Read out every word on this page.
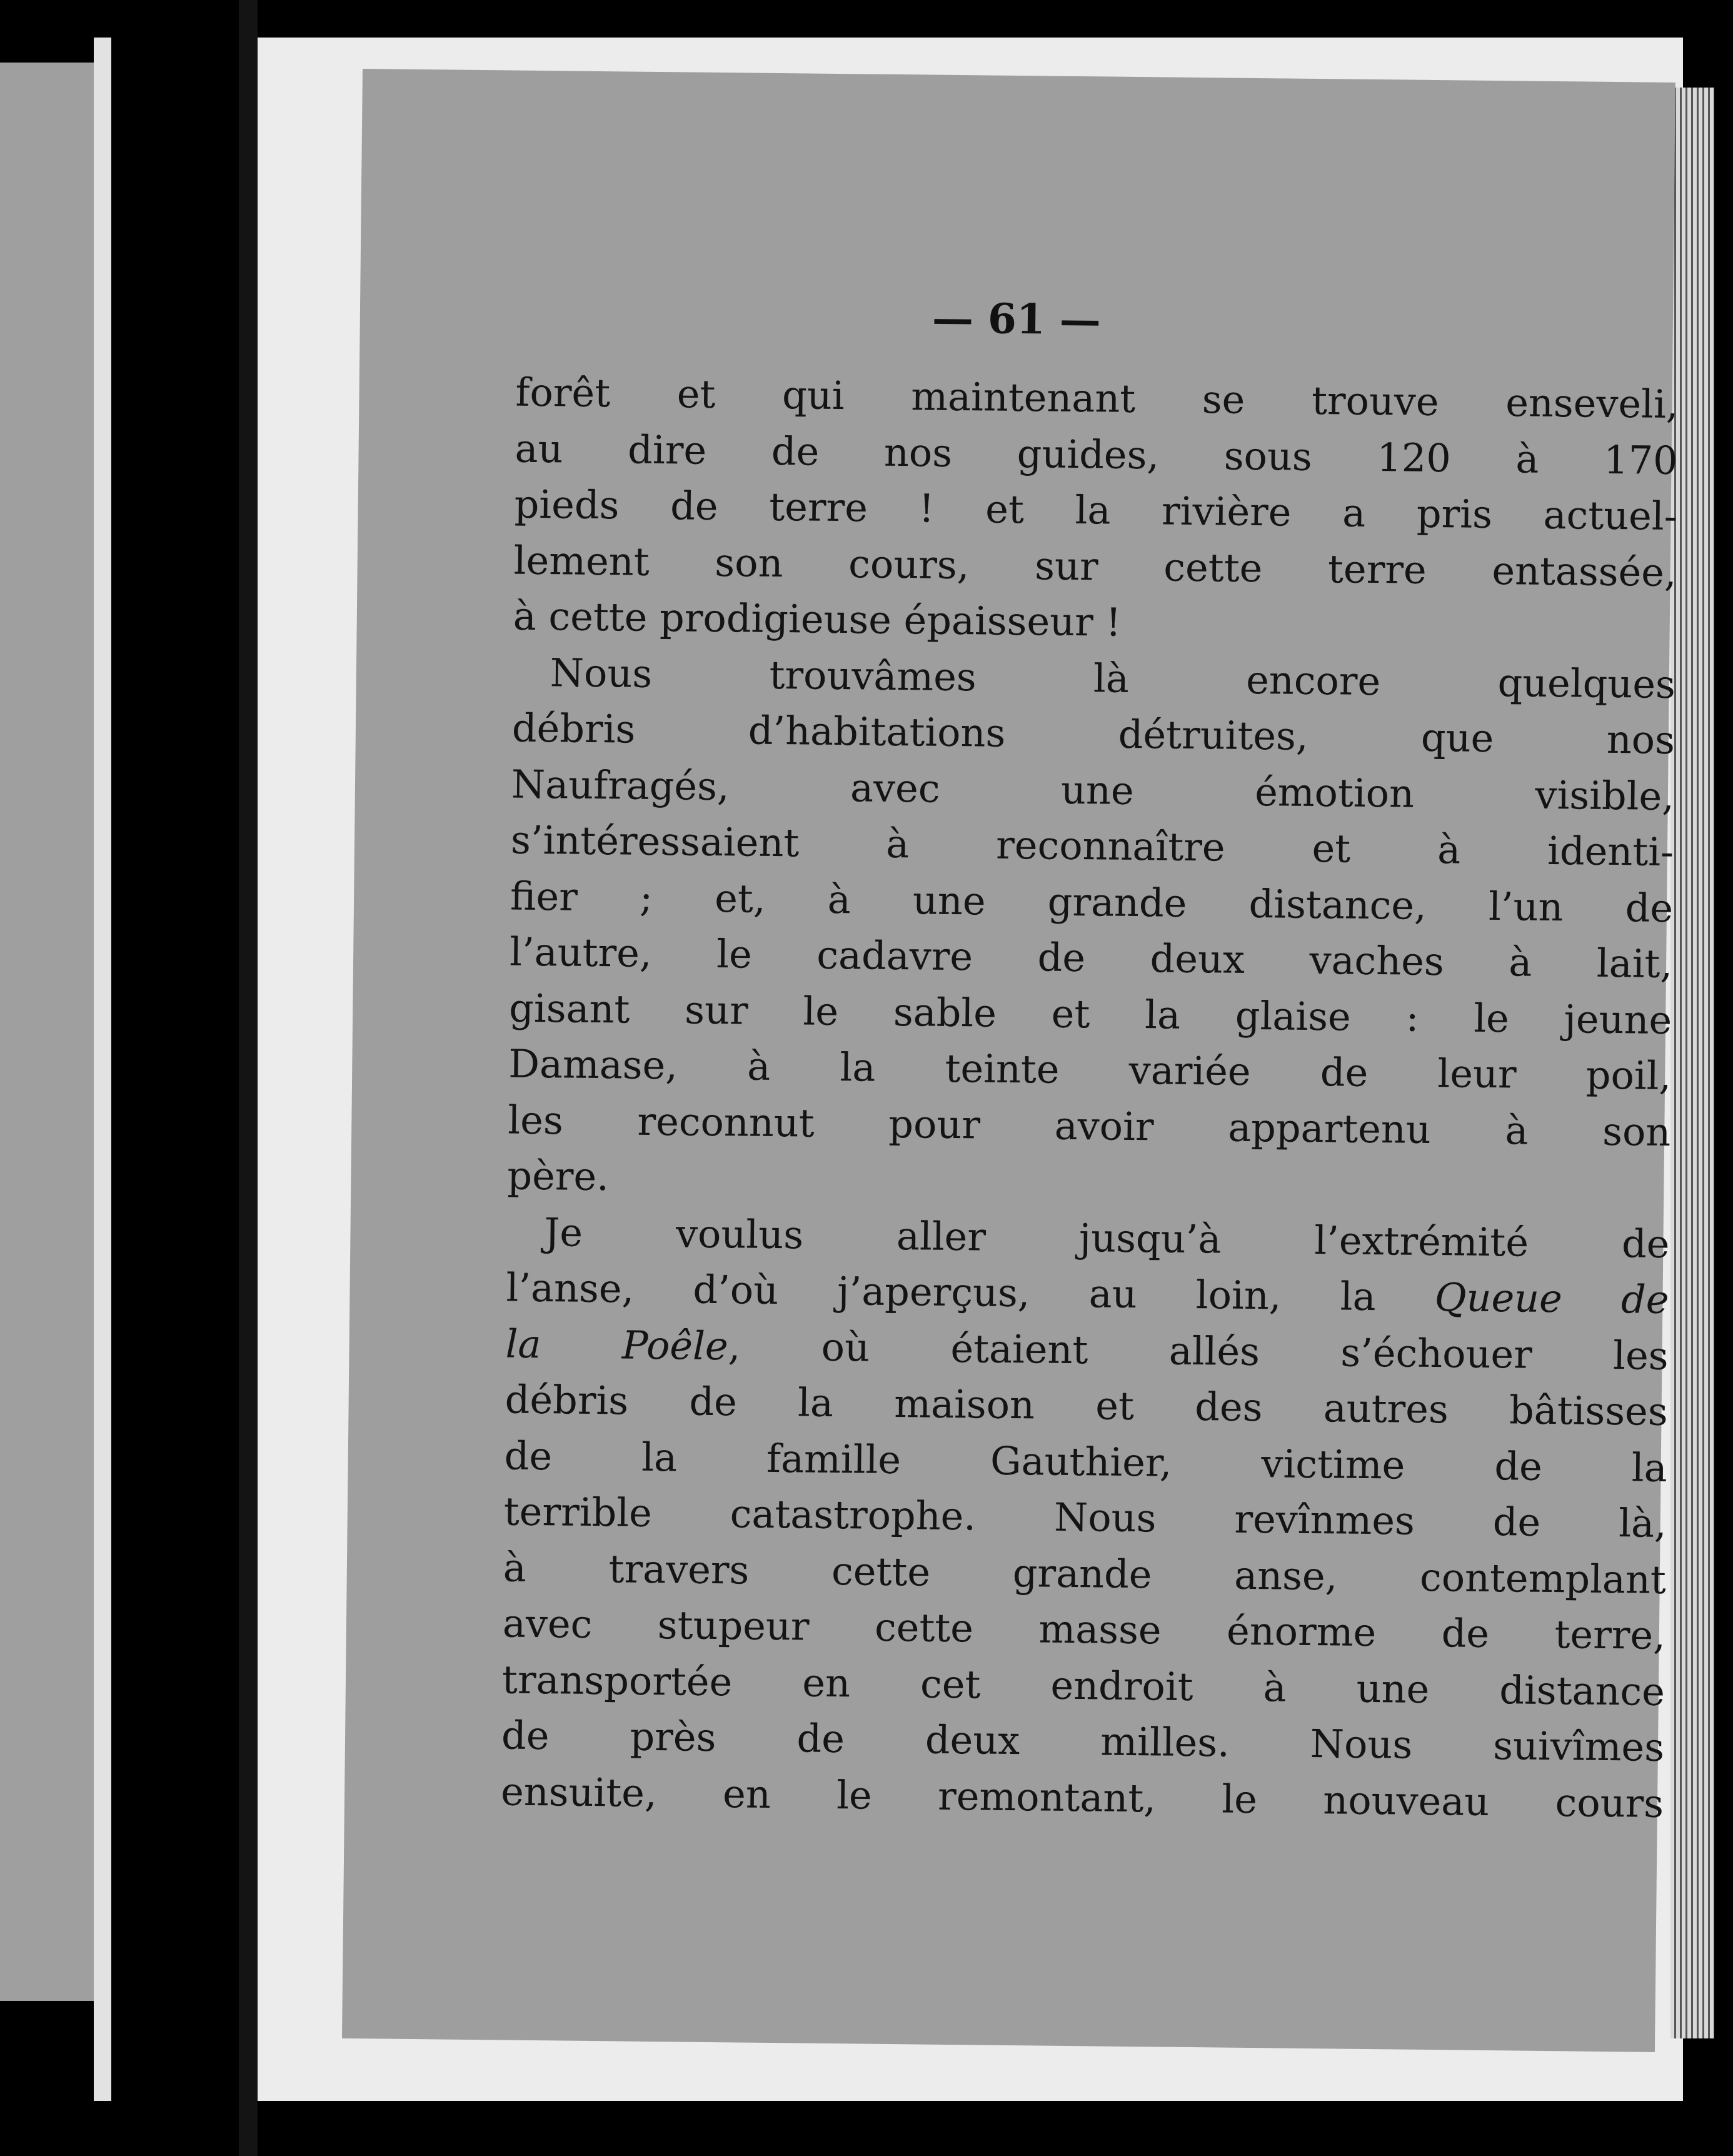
— 61 —
forêt et qui maintenant se trouve enseveli,
au dire de nos guides, sous 120 à 170
pieds de terre ! et la rivière a pris actuel-
lement son cours, sur cette terre entassée,
à cette prodigieuse épaisseur !
Nous trouvâmes là encore quelques
débris d’habitations détruites, que nos
Naufragés, avec une émotion visible,
s’intéressaient à reconnaître et à identi-
fier ; et, à une grande distance, l’un de
l’autre, le cadavre de deux vaches à lait,
gisant sur le sable et la glaise : le jeune
Damase, à la teinte variée de leur poil,
les reconnut pour avoir appartenu à son
père.
Je voulus aller jusqu’à l’extrémité de
l’anse, d’où j’aperçus, au loin, la Queue de
la Poêle, où étaient allés s’échouer les
débris de la maison et des autres bâtisses
de la famille Gauthier, victime de la
terrible catastrophe. Nous revînmes de là,
à travers cette grande anse, contemplant
avec stupeur cette masse énorme de terre,
transportée en cet endroit à une distance
de près de deux milles. Nous suivîmes
ensuite, en le remontant, le nouveau cours
